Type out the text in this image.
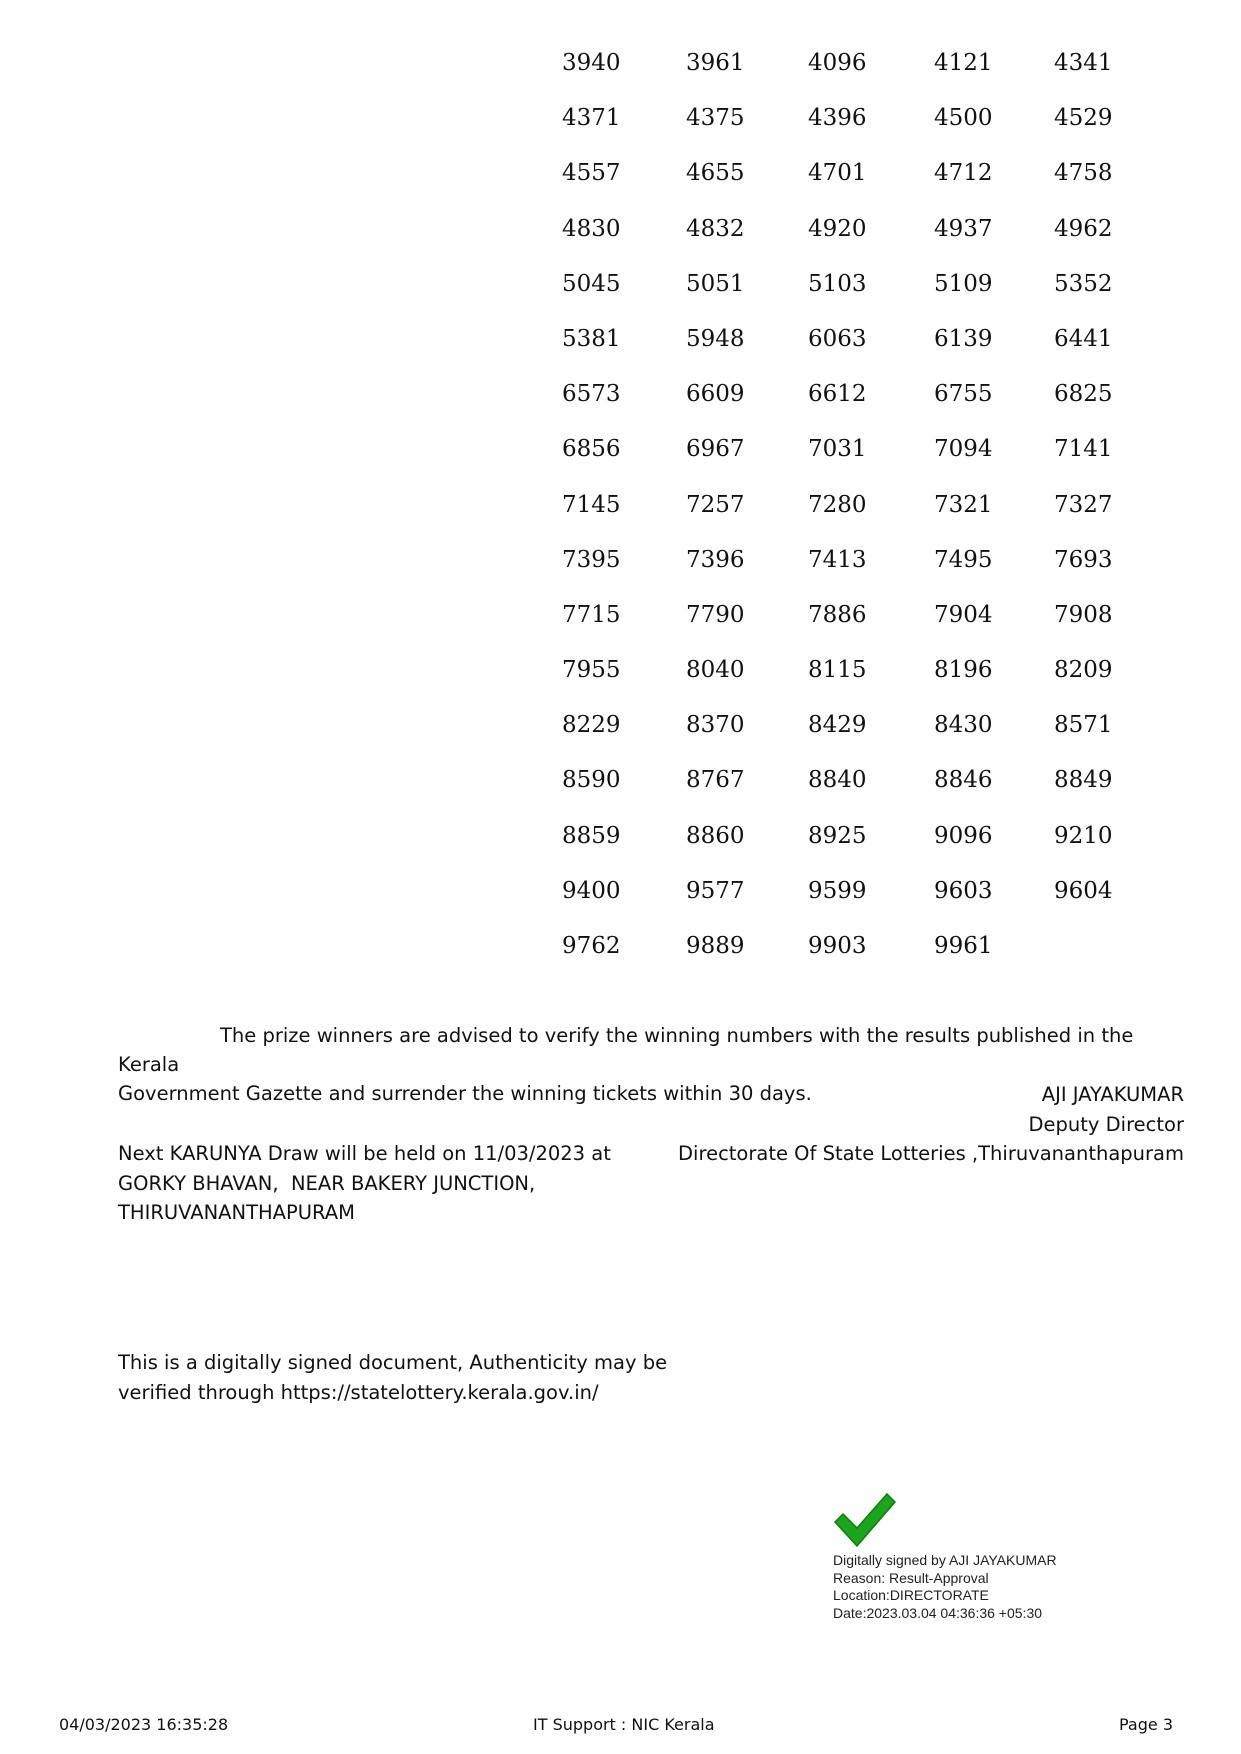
3940	3961	4096	4121	4341
4371	4375	4396	4500	4529
4557	4655	4701	4712	4758
4830	4832	4920	4937	4962
5045	5051	5103	5109	5352
5381	5948	6063	6139	6441
6573	6609	6612	6755	6825
6856	6967	7031	7094	7141
7145	7257	7280	7321	7327
7395	7396	7413	7495	7693
7715	7790	7886	7904	7908
7955	8040	8115	8196	8209
8229	8370	8429	8430	8571
8590	8767	8840	8846	8849
8859	8860	8925	9096	9210
9400	9577	9599	9603	9604
9762	9889	9903	9961
The prize winners are advised to verify the winning numbers with the results published in the Kerala
Government Gazette and surrender the winning tickets within 30 days.	AJI JAYAKUMAR
Deputy Director
Directorate Of State Lotteries ,Thiruvananthapuram
Next KARUNYA Draw will be held on 11/03/2023 at
GORKY BHAVAN,  NEAR BAKERY JUNCTION,
THIRUVANANTHAPURAM
This is a digitally signed document, Authenticity may be
verified through https://statelottery.kerala.gov.in/
Digitally signed by AJI JAYAKUMAR
Reason: Result-Approval
Location:DIRECTORATE
Date:2023.03.04 04:36:36 +05:30
04/03/2023 16:35:28	IT Support : NIC Kerala	Page 3
